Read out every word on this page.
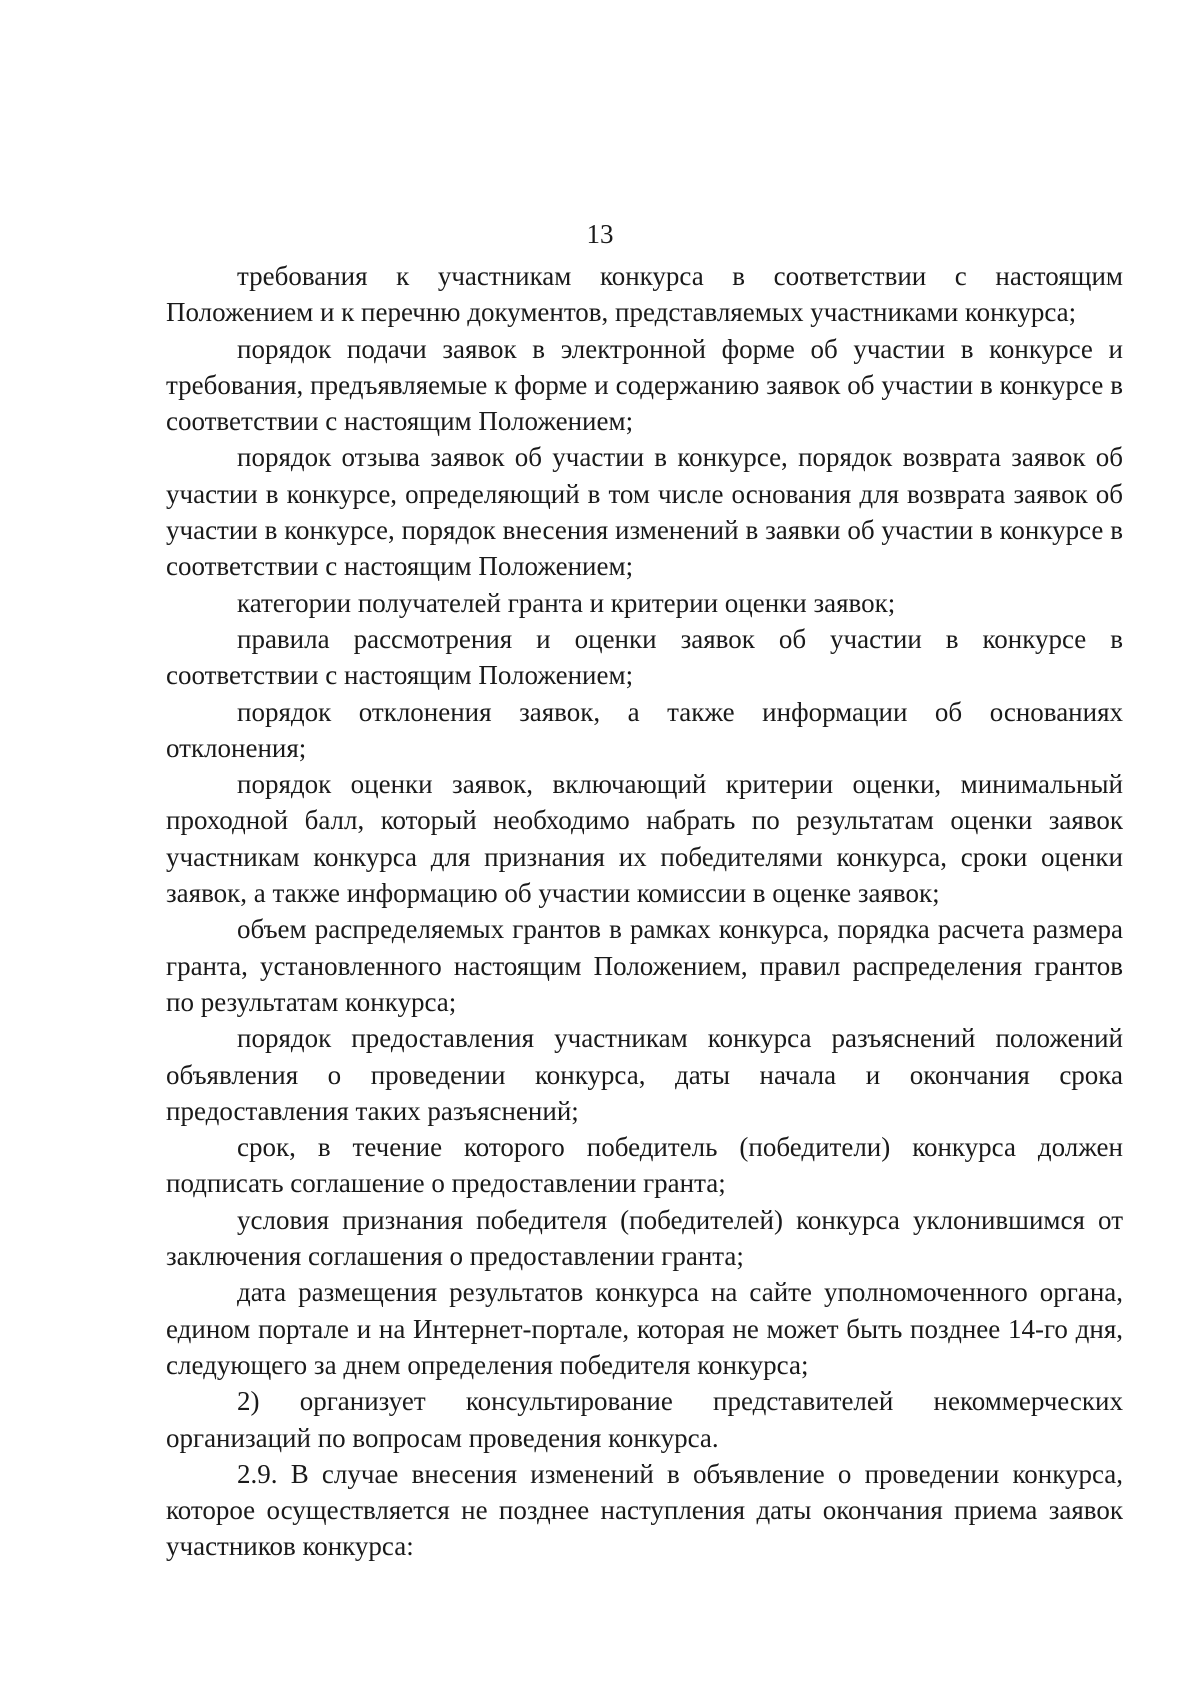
13

требования к участникам конкурса в соответствии с настоящим Положением и к перечню документов, представляемых участниками конкурса;

порядок подачи заявок в электронной форме об участии в конкурсе и требования, предъявляемые к форме и содержанию заявок об участии в конкурсе в соответствии с настоящим Положением;

порядок отзыва заявок об участии в конкурсе, порядок возврата заявок об участии в конкурсе, определяющий в том числе основания для возврата заявок об участии в конкурсе, порядок внесения изменений в заявки об участии в конкурсе в соответствии с настоящим Положением;

категории получателей гранта и критерии оценки заявок;

правила рассмотрения и оценки заявок об участии в конкурсе в соответствии с настоящим Положением;

порядок отклонения заявок, а также информации об основаниях отклонения;

порядок оценки заявок, включающий критерии оценки, минимальный проходной балл, который необходимо набрать по результатам оценки заявок участникам конкурса для признания их победителями конкурса, сроки оценки заявок, а также информацию об участии комиссии в оценке заявок;

объем распределяемых грантов в рамках конкурса, порядка расчета размера гранта, установленного настоящим Положением, правил распределения грантов по результатам конкурса;

порядок предоставления участникам конкурса разъяснений положений объявления о проведении конкурса, даты начала и окончания срока предоставления таких разъяснений;

срок, в течение которого победитель (победители) конкурса должен подписать соглашение о предоставлении гранта;

условия признания победителя (победителей) конкурса уклонившимся от заключения соглашения о предоставлении гранта;

дата размещения результатов конкурса на сайте уполномоченного органа, едином портале и на Интернет-портале, которая не может быть позднее 14-го дня, следующего за днем определения победителя конкурса;

2) организует консультирование представителей некоммерческих организаций по вопросам проведения конкурса.

2.9. В случае внесения изменений в объявление о проведении конкурса, которое осуществляется не позднее наступления даты окончания приема заявок участников конкурса:
